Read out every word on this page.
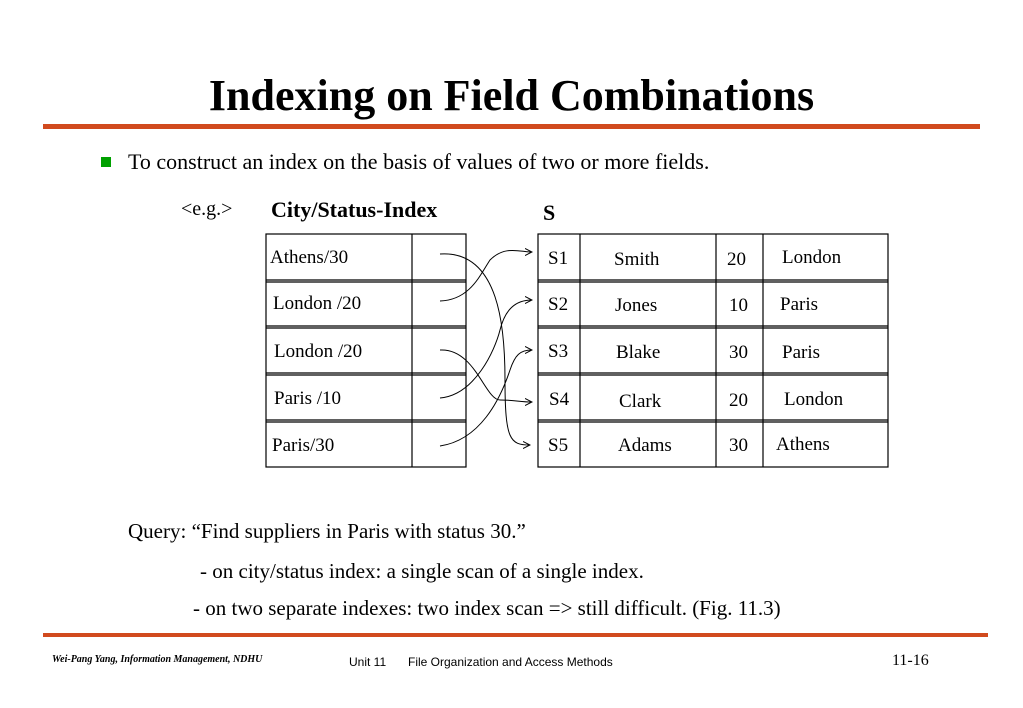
Indexing on Field Combinations
To construct an index on the basis of values of two or more fields.
<e.g.> City/Status-Index	S
Athens/30
London /20
London /20
Paris /10
Paris/30
S1 Smith	20 London
S2 Jones	10 Paris
S3	Blake	30 Paris
S4	Clark	20 London
S5	Adams	30 Athens
Query: “Find suppliers in Paris with status 30.”
- on city/status index: a single scan of a single index.
- on two separate indexes: two index scan => still difficult. (Fig. 11.3)
Wei-Pang Yang, Information Management, NDHU	Unit 11 File Organization and Access Methods	11-16
